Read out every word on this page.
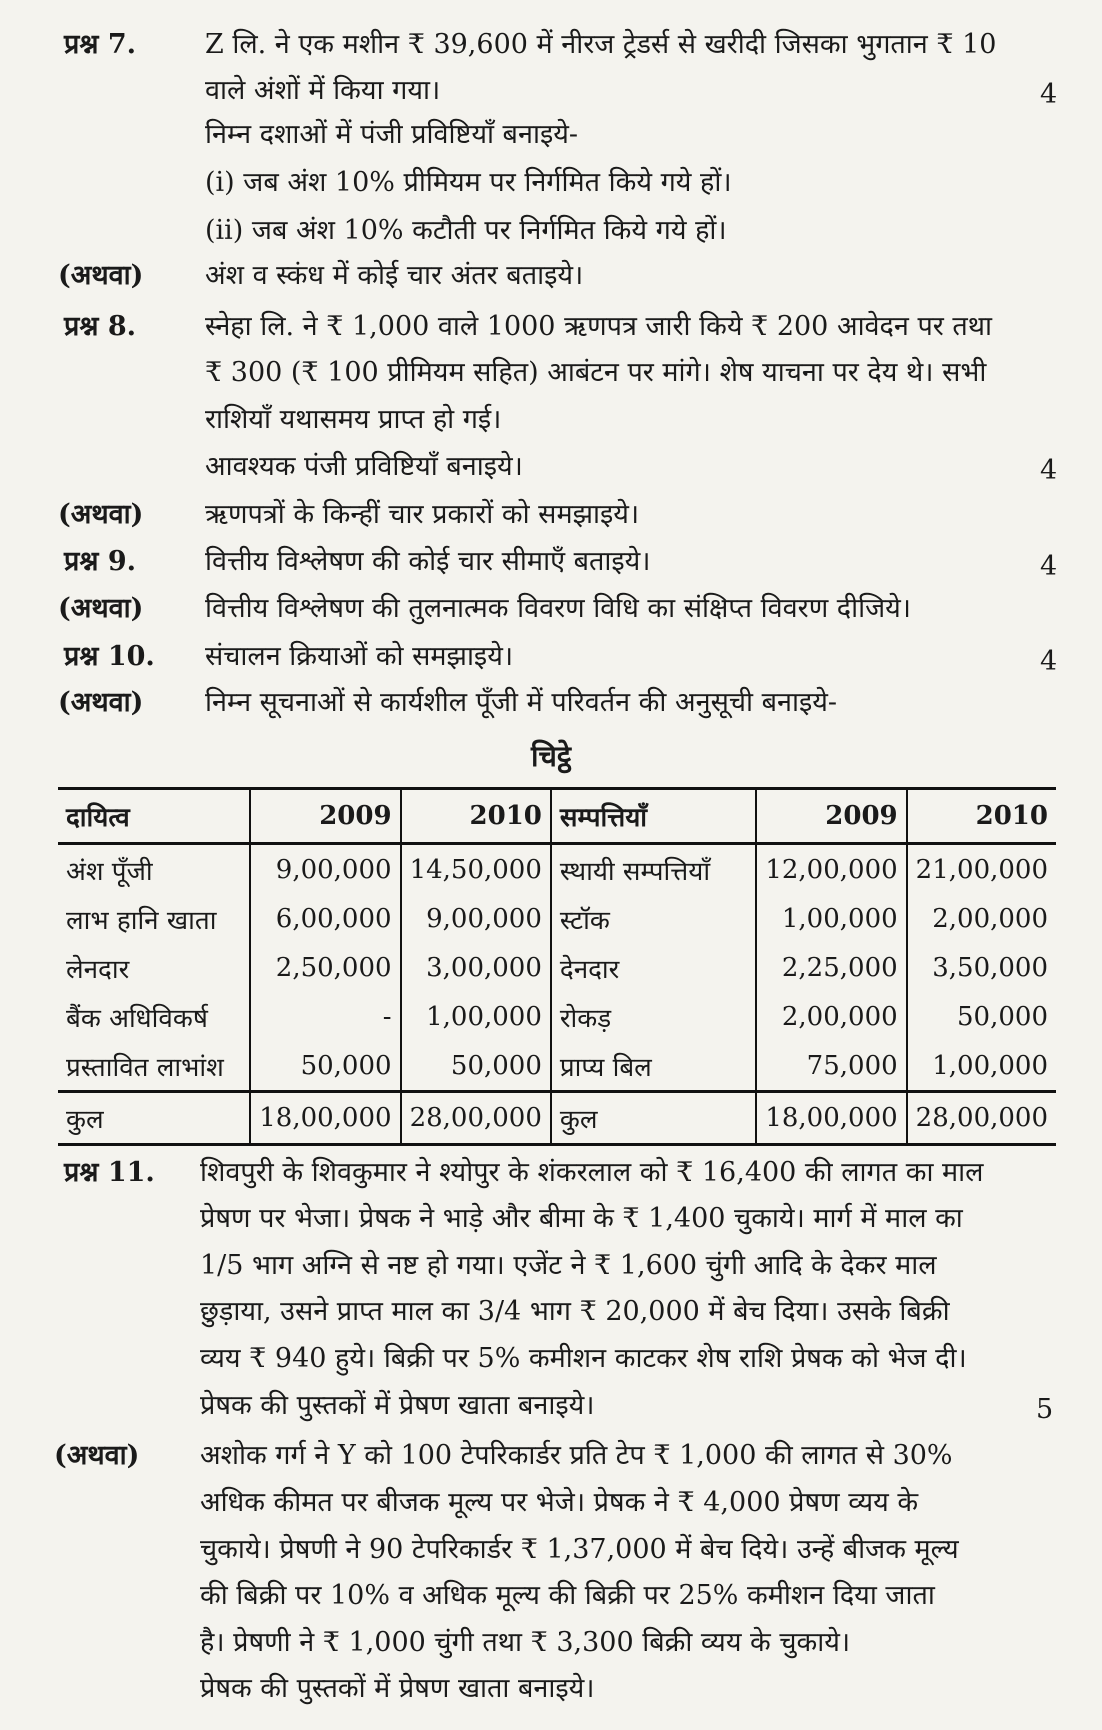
प्रश्न 7.	Z लि. ने एक मशीन ₹ 39,600 में नीरज ट्रेडर्स से खरीदी जिसका भुगतान ₹ 10
वाले अंशों में किया गया।	4
निम्न दशाओं में पंजी प्रविष्टियाँ बनाइये-
(i) जब अंश 10% प्रीमियम पर निर्गमित किये गये हों।
(ii) जब अंश 10% कटौती पर निर्गमित किये गये हों।
(अथवा) अंश व स्कंध में कोई चार अंतर बताइये।
प्रश्न 8.	स्नेहा लि. ने ₹ 1,000 वाले 1000 ऋणपत्र जारी किये ₹ 200 आवेदन पर तथा
₹ 300 (₹ 100 प्रीमियम सहित) आबंटन पर मांगे। शेष याचना पर देय थे। सभी
राशियाँ यथासमय प्राप्त हो गई।
आवश्यक पंजी प्रविष्टियाँ बनाइये।	4
(अथवा) ऋणपत्रों के किन्हीं चार प्रकारों को समझाइये।
प्रश्न 9.	वित्तीय विश्लेषण की कोई चार सीमाएँ बताइये।	4
(अथवा) वित्तीय विश्लेषण की तुलनात्मक विवरण विधि का संक्षिप्त विवरण दीजिये।
प्रश्न 10. संचालन क्रियाओं को समझाइये।	4
(अथवा) निम्न सूचनाओं से कार्यशील पूँजी में परिवर्तन की अनुसूची बनाइये-
चिट्ठे
दायित्व	2009	2010	सम्पत्तियाँ	2009	2010
अंश पूँजी	9,00,000	14,50,000	स्थायी सम्पत्तियाँ	12,00,000	21,00,000
लाभ हानि खाता	6,00,000	9,00,000	स्टॉक	1,00,000	2,00,000
लेनदार	2,50,000	3,00,000	देनदार	2,25,000	3,50,000
बैंक अधिविकर्ष	-	1,00,000	रोकड़	2,00,000	50,000
प्रस्तावित लाभांश	50,000	50,000	प्राप्य बिल	75,000	1,00,000
कुल	18,00,000	28,00,000	कुल	18,00,000	28,00,000
प्रश्न 11. शिवपुरी के शिवकुमार ने श्योपुर के शंकरलाल को ₹ 16,400 की लागत का माल
प्रेषण पर भेजा। प्रेषक ने भाड़े और बीमा के ₹ 1,400 चुकाये। मार्ग में माल का
1/5 भाग अग्नि से नष्ट हो गया। एजेंट ने ₹ 1,600 चुंगी आदि के देकर माल
छुड़ाया, उसने प्राप्त माल का 3/4 भाग ₹ 20,000 में बेच दिया। उसके बिक्री
व्यय ₹ 940 हुये। बिक्री पर 5% कमीशन काटकर शेष राशि प्रेषक को भेज दी।
प्रेषक की पुस्तकों में प्रेषण खाता बनाइये।	5
(अथवा) अशोक गर्ग ने Y को 100 टेपरिकार्डर प्रति टेप ₹ 1,000 की लागत से 30%
अधिक कीमत पर बीजक मूल्य पर भेजे। प्रेषक ने ₹ 4,000 प्रेषण व्यय के
चुकाये। प्रेषणी ने 90 टेपरिकार्डर ₹ 1,37,000 में बेच दिये। उन्हें बीजक मूल्य
की बिक्री पर 10% व अधिक मूल्य की बिक्री पर 25% कमीशन दिया जाता
है। प्रेषणी ने ₹ 1,000 चुंगी तथा ₹ 3,300 बिक्री व्यय के चुकाये।
प्रेषक की पुस्तकों में प्रेषण खाता बनाइये।
